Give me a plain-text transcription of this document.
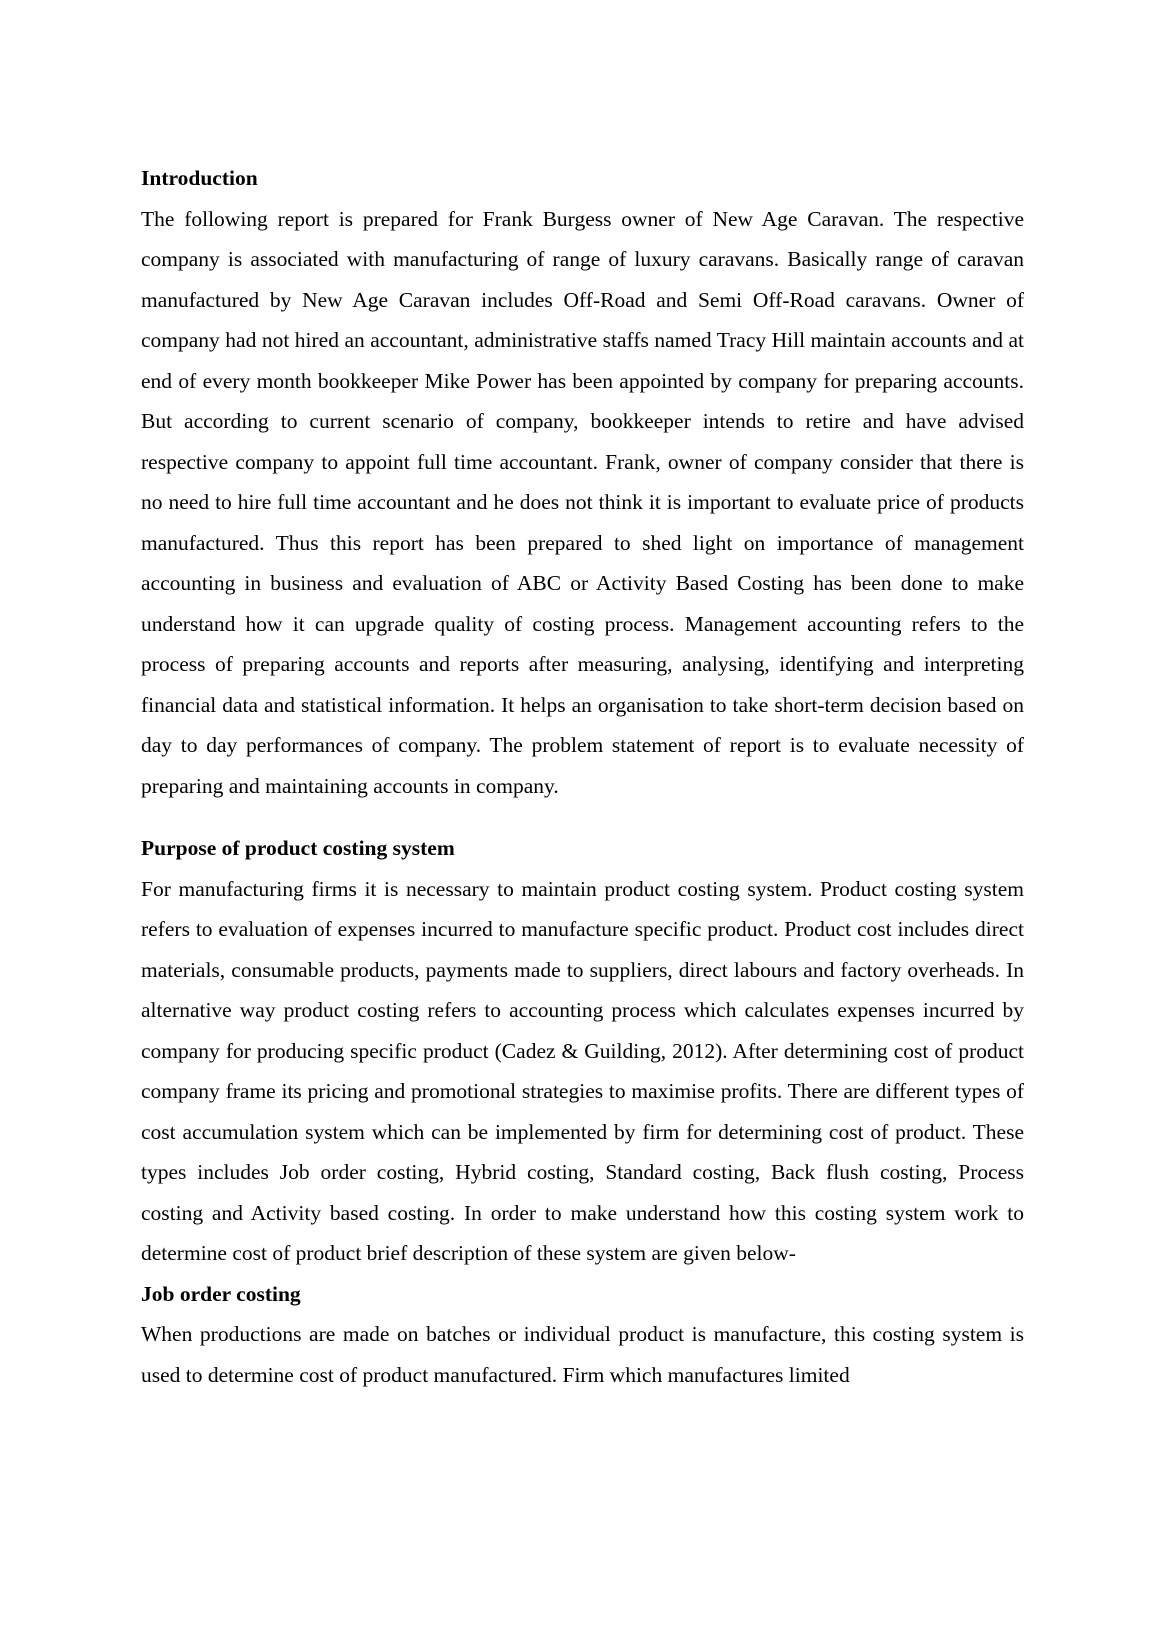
Introduction

The following report is prepared for Frank Burgess owner of New Age Caravan. The respective company is associated with manufacturing of range of luxury caravans. Basically range of caravan manufactured by New Age Caravan includes Off-Road and Semi Off-Road caravans. Owner of company had not hired an accountant, administrative staffs named Tracy Hill maintain accounts and at end of every month bookkeeper Mike Power has been appointed by company for preparing accounts. But according to current scenario of company, bookkeeper intends to retire and have advised respective company to appoint full time accountant. Frank, owner of company consider that there is no need to hire full time accountant and he does not think it is important to evaluate price of products manufactured. Thus this report has been prepared to shed light on importance of management accounting in business and evaluation of ABC or Activity Based Costing has been done to make understand how it can upgrade quality of costing process. Management accounting refers to the process of preparing accounts and reports after measuring, analysing, identifying and interpreting financial data and statistical information. It helps an organisation to take short-term decision based on day to day performances of company. The problem statement of report is to evaluate necessity of preparing and maintaining accounts in company.

Purpose of product costing system

For manufacturing firms it is necessary to maintain product costing system. Product costing system refers to evaluation of expenses incurred to manufacture specific product. Product cost includes direct materials, consumable products, payments made to suppliers, direct labours and factory overheads. In alternative way product costing refers to accounting process which calculates expenses incurred by company for producing specific product (Cadez & Guilding, 2012). After determining cost of product company frame its pricing and promotional strategies to maximise profits. There are different types of cost accumulation system which can be implemented by firm for determining cost of product. These types includes Job order costing, Hybrid costing, Standard costing, Back flush costing, Process costing and Activity based costing. In order to make understand how this costing system work to determine cost of product brief description of these system are given below-

Job order costing

When productions are made on batches or individual product is manufacture, this costing system is used to determine cost of product manufactured. Firm which manufactures limited
